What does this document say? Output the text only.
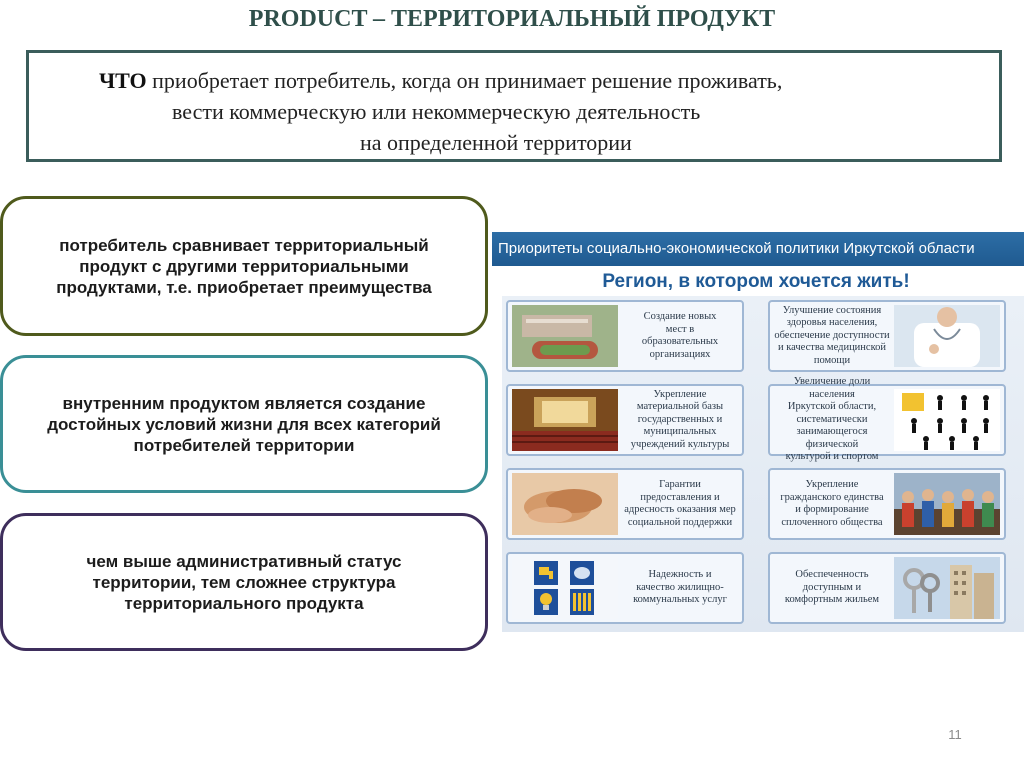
PRODUCT – ТЕРРИТОРИАЛЬНЫЙ ПРОДУКТ
ЧТО приобретает потребитель, когда он принимает решение проживать,
вести коммерческую или некоммерческую деятельность
на определенной территории
потребитель сравнивает территориальный
продукт с другими территориальными
продуктами, т.е. приобретает преимущества
внутренним продуктом является создание
достойных условий жизни для всех категорий
потребителей территории
чем выше административный статус
территории, тем сложнее структура
территориального продукта
Приоритеты социально-экономической политики Иркутской области
Регион, в котором хочется жить!
Создание новых
мест в
образовательных
организациях
Укрепление
материальной базы
государственных и
муниципальных
учреждений культуры
Гарантии
предоставления и
адресность оказания мер
социальной поддержки
Надежность и
качество жилищно-
коммунальных услуг
Улучшение состояния
здоровья населения,
обеспечение доступности
и качества медицинской
помощи
Увеличение доли населения
Иркутской области,
систематически
занимающегося физической
культурой и спортом
Укрепление
гражданского единства
и формирование
сплоченного общества
Обеспеченность
доступным и
комфортным жильем
11
